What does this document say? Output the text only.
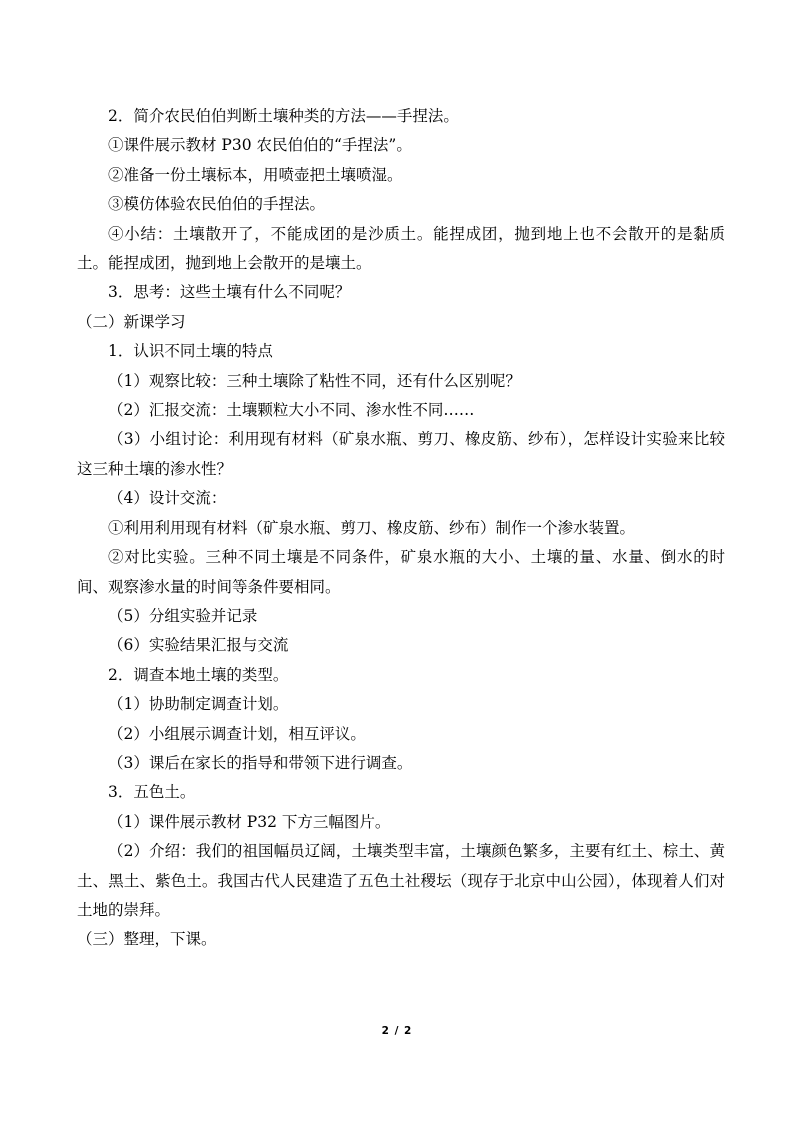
2．简介农民伯伯判断土壤种类的方法——手捏法。

①课件展示教材 P30 农民伯伯的“手捏法”。

②准备一份土壤标本，用喷壶把土壤喷湿。

③模仿体验农民伯伯的手捏法。

④小结：土壤散开了，不能成团的是沙质土。能捏成团，抛到地上也不会散开的是黏质土。能捏成团，抛到地上会散开的是壤土。

3．思考：这些土壤有什么不同呢？

（二）新课学习

1．认识不同土壤的特点

（1）观察比较：三种土壤除了粘性不同，还有什么区别呢？

（2）汇报交流：土壤颗粒大小不同、渗水性不同……

（3）小组讨论：利用现有材料（矿泉水瓶、剪刀、橡皮筋、纱布），怎样设计实验来比较这三种土壤的渗水性？

（4）设计交流：

①利用利用现有材料（矿泉水瓶、剪刀、橡皮筋、纱布）制作一个渗水装置。

②对比实验。三种不同土壤是不同条件，矿泉水瓶的大小、土壤的量、水量、倒水的时间、观察渗水量的时间等条件要相同。

（5）分组实验并记录

（6）实验结果汇报与交流

2．调查本地土壤的类型。

（1）协助制定调查计划。

（2）小组展示调查计划，相互评议。

（3）课后在家长的指导和带领下进行调查。

3．五色土。

（1）课件展示教材 P32 下方三幅图片。

（2）介绍：我们的祖国幅员辽阔，土壤类型丰富，土壤颜色繁多，主要有红土、棕土、黄土、黑土、紫色土。我国古代人民建造了五色土社稷坛（现存于北京中山公园），体现着人们对土地的崇拜。

（三）整理，下课。

2 / 2
